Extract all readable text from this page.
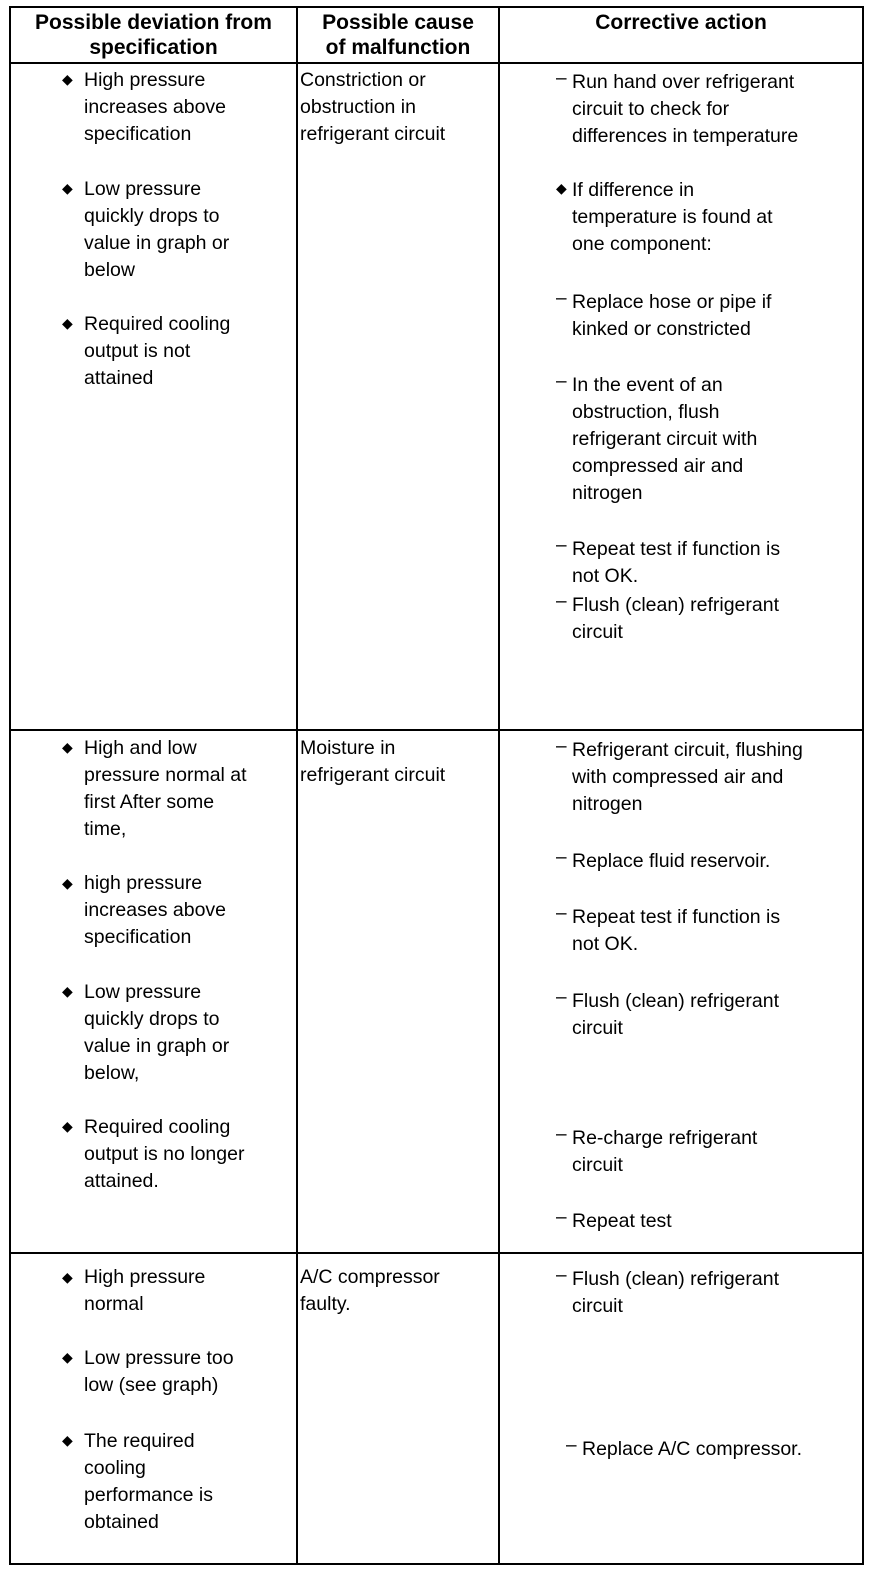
Possible deviation from
specification
Possible cause
of malfunction
Corrective action
◆ High pressure
increases above
specification
◆ Low pressure
quickly drops to
value in graph or
below
◆ Required cooling
output is not
attained
Constriction or
obstruction in
refrigerant circuit
– Run hand over refrigerant
circuit to check for
differences in temperature
◆ If difference in
temperature is found at
one component:
– Replace hose or pipe if
kinked or constricted
– In the event of an
obstruction, flush
refrigerant circuit with
compressed air and
nitrogen
– Repeat test if function is
not OK.
– Flush (clean) refrigerant
circuit
◆ High and low
pressure normal at
first After some
time,
◆ high pressure
increases above
specification
◆ Low pressure
quickly drops to
value in graph or
below,
◆ Required cooling
output is no longer
attained.
Moisture in
refrigerant circuit
– Refrigerant circuit, flushing
with compressed air and
nitrogen
– Replace fluid reservoir.
– Repeat test if function is
not OK.
– Flush (clean) refrigerant
circuit
– Re-charge refrigerant
circuit
– Repeat test
◆ High pressure
normal
◆ Low pressure too
low (see graph)
◆ The required
cooling
performance is
obtained
A/C compressor
faulty.
– Flush (clean) refrigerant
circuit
– Replace A/C compressor.
